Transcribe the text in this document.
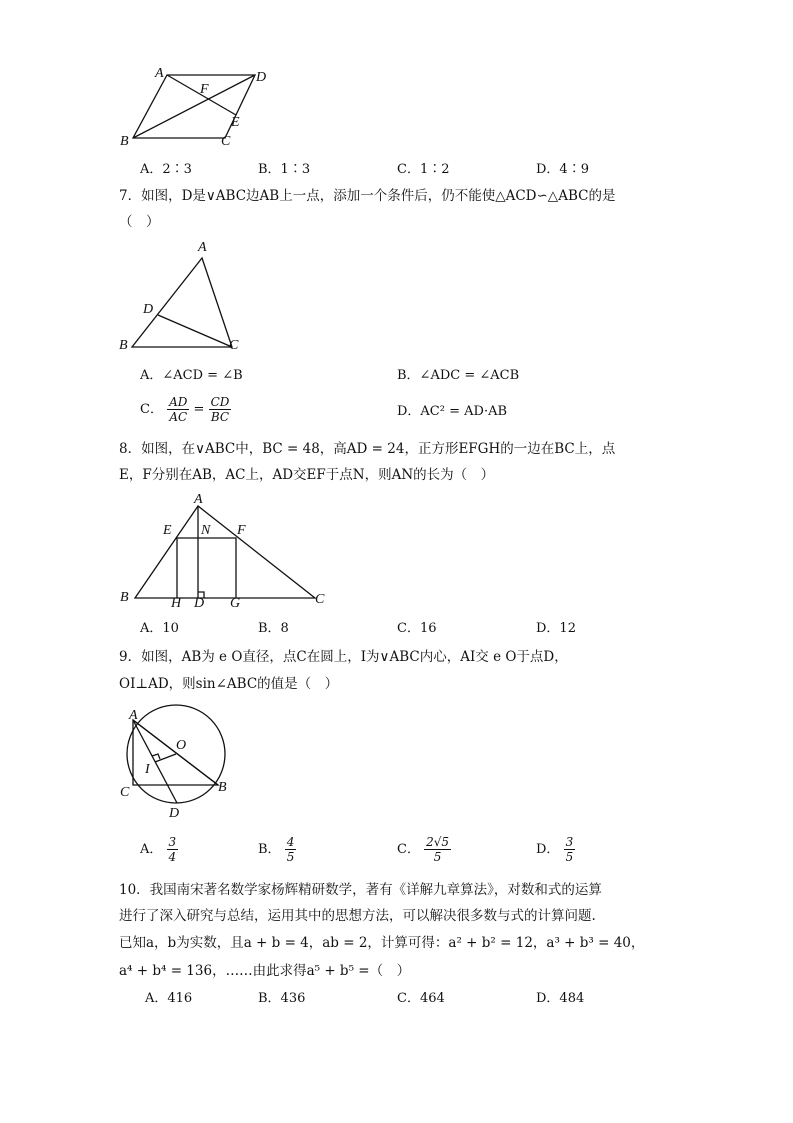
A	D
F
E
B	C
A．2∶3	B．1∶3	C．1∶2	D．4∶9
7．如图，D是∨ABC边AB上一点，添加一个条件后，仍不能使△ACD∽△ABC的是
（　）
A
D
B	C
A．∠ACD = ∠B	B．∠ADC = ∠ACB
C． $\frac{AD}{AC} = \frac{CD}{BC}$	D．AC² = AD·AB
8．如图，在∨ABC中，BC = 48，高AD = 24，正方形EFGH的一边在BC上，点
E，F分别在AB，AC上，AD交EF于点N，则AN的长为（　）
A
E N F
B	H D G	C
A．10	B．8	C．16	D．12
9．如图，AB为 e O直径，点C在圆上，I为∨ABC内心，AI交 e O于点D，
OI⊥AD，则sin∠ABC的值是（　）
A
O
I
C	B
D
A． $\frac{3}{4}$	B． $\frac{4}{5}$	C． $\frac{2√5}{5}$	D． $\frac{3}{5}$
10．我国南宋著名数学家杨辉精研数学，著有《详解九章算法》，对数和式的运算
进行了深入研究与总结，运用其中的思想方法，可以解决很多数与式的计算问题.
已知a，b为实数，且a + b = 4，ab = 2，计算可得：a² + b² = 12，a³ + b³ = 40，
a⁴ + b⁴ = 136，……由此求得a⁵ + b⁵ =（　）
A．416	B．436	C．464	D．484
